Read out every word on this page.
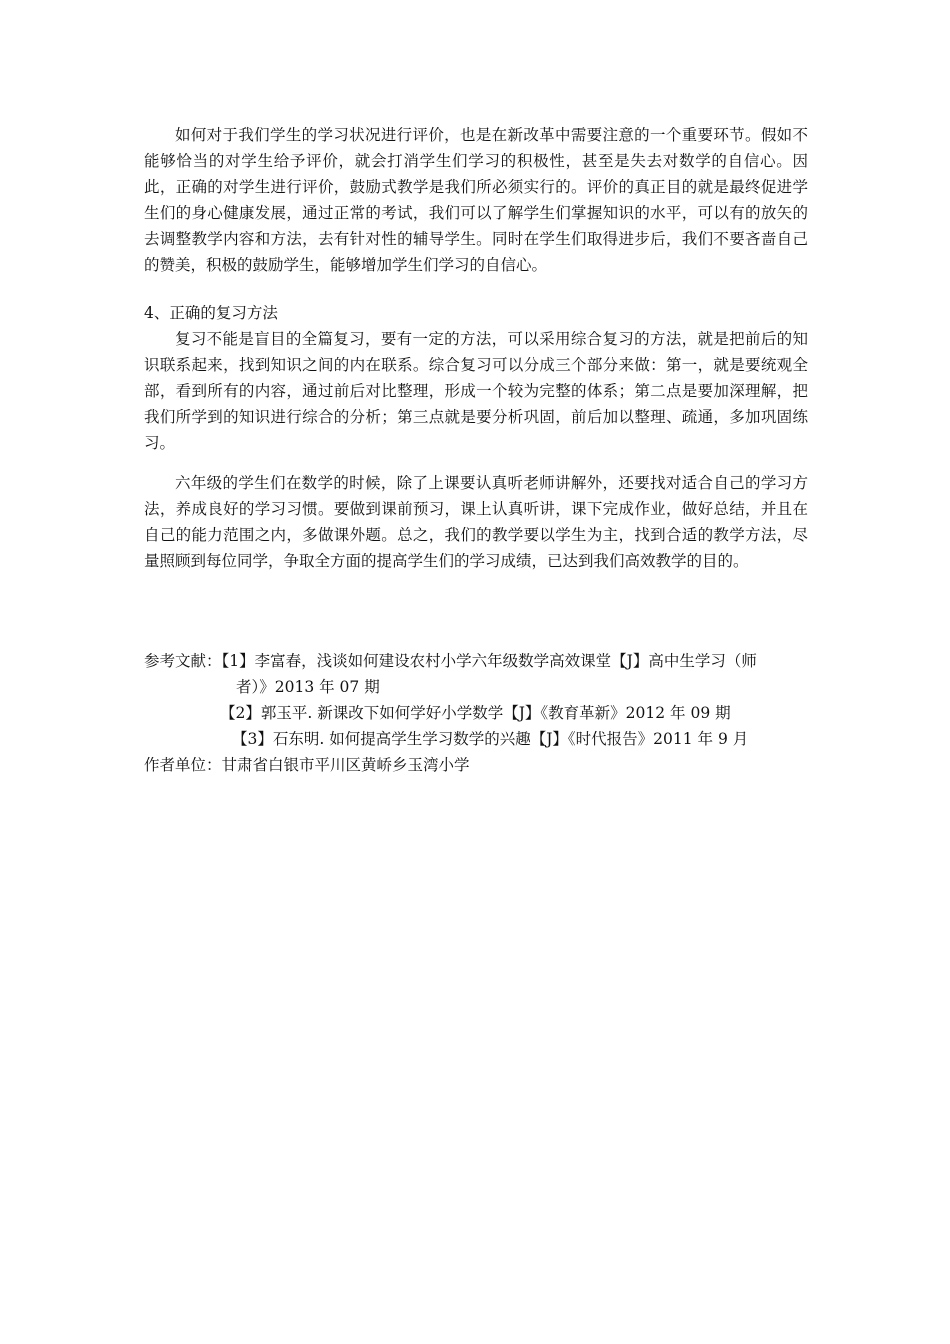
如何对于我们学生的学习状况进行评价，也是在新改革中需要注意的一个重要环节。假如不能够恰当的对学生给予评价，就会打消学生们学习的积极性，甚至是失去对数学的自信心。因此，正确的对学生进行评价，鼓励式教学是我们所必须实行的。评价的真正目的就是最终促进学生们的身心健康发展，通过正常的考试，我们可以了解学生们掌握知识的水平，可以有的放矢的去调整教学内容和方法，去有针对性的辅导学生。同时在学生们取得进步后，我们不要吝啬自己的赞美，积极的鼓励学生，能够增加学生们学习的自信心。

4、正确的复习方法

复习不能是盲目的全篇复习，要有一定的方法，可以采用综合复习的方法，就是把前后的知识联系起来，找到知识之间的内在联系。综合复习可以分成三个部分来做：第一，就是要统观全部，看到所有的内容，通过前后对比整理，形成一个较为完整的体系；第二点是要加深理解，把我们所学到的知识进行综合的分析；第三点就是要分析巩固，前后加以整理、疏通，多加巩固练习。

六年级的学生们在数学的时候，除了上课要认真听老师讲解外，还要找对适合自己的学习方法，养成良好的学习习惯。要做到课前预习，课上认真听讲，课下完成作业，做好总结，并且在自己的能力范围之内，多做课外题。总之，我们的教学要以学生为主，找到合适的教学方法，尽量照顾到每位同学，争取全方面的提高学生们的学习成绩，已达到我们高效教学的目的。

参考文献：【1】李富春，浅谈如何建设农村小学六年级数学高效课堂【J】高中生学习（师

者）》2013 年 07 期

【2】郭玉平. 新课改下如何学好小学数学【J】《教育革新》2012 年 09 期

【3】石东明. 如何提高学生学习数学的兴趣【J】《时代报告》2011 年 9 月

作者单位：甘肃省白银市平川区黄峤乡玉湾小学
